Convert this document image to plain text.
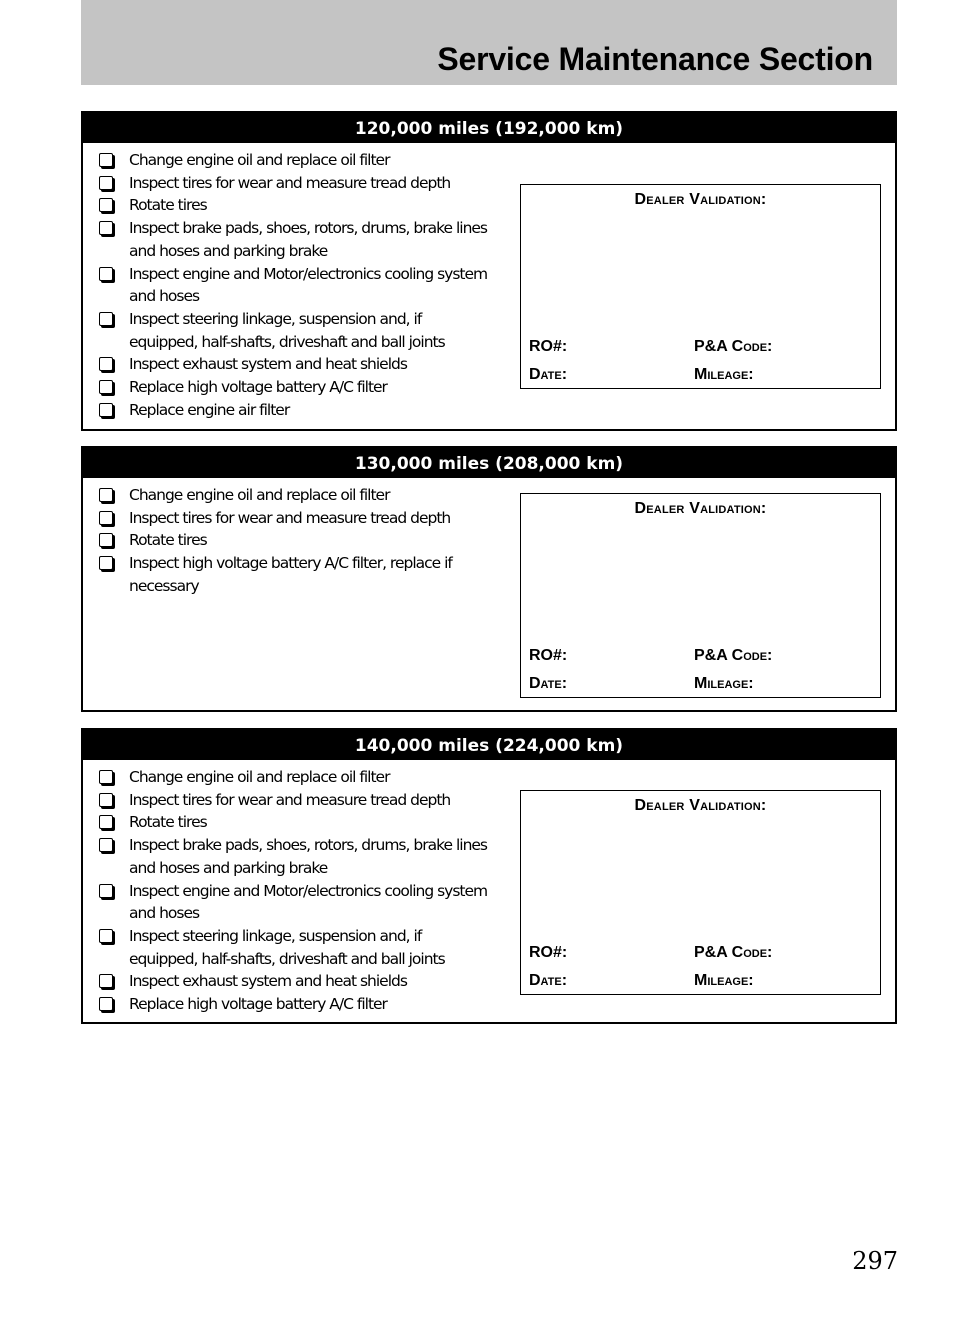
Service Maintenance Section
120,000 miles (192,000 km)
Change engine oil and replace oil filter
Inspect tires for wear and measure tread depth
Rotate tires
Inspect brake pads, shoes, rotors, drums, brake lines and hoses and parking brake
Inspect engine and Motor/electronics cooling system and hoses
Inspect steering linkage, suspension and, if equipped, half-shafts, driveshaft and ball joints
Inspect exhaust system and heat shields
Replace high voltage battery A/C filter
Replace engine air filter
Dealer Validation:
RO#:	P&A Code:
Date:	Mileage:
130,000 miles (208,000 km)
Change engine oil and replace oil filter
Inspect tires for wear and measure tread depth
Rotate tires
Inspect high voltage battery A/C filter, replace if necessary
Dealer Validation:
RO#:	P&A Code:
Date:	Mileage:
140,000 miles (224,000 km)
Change engine oil and replace oil filter
Inspect tires for wear and measure tread depth
Rotate tires
Inspect brake pads, shoes, rotors, drums, brake lines and hoses and parking brake
Inspect engine and Motor/electronics cooling system and hoses
Inspect steering linkage, suspension and, if equipped, half-shafts, driveshaft and ball joints
Inspect exhaust system and heat shields
Replace high voltage battery A/C filter
Dealer Validation:
RO#:	P&A Code:
Date:	Mileage:
297
